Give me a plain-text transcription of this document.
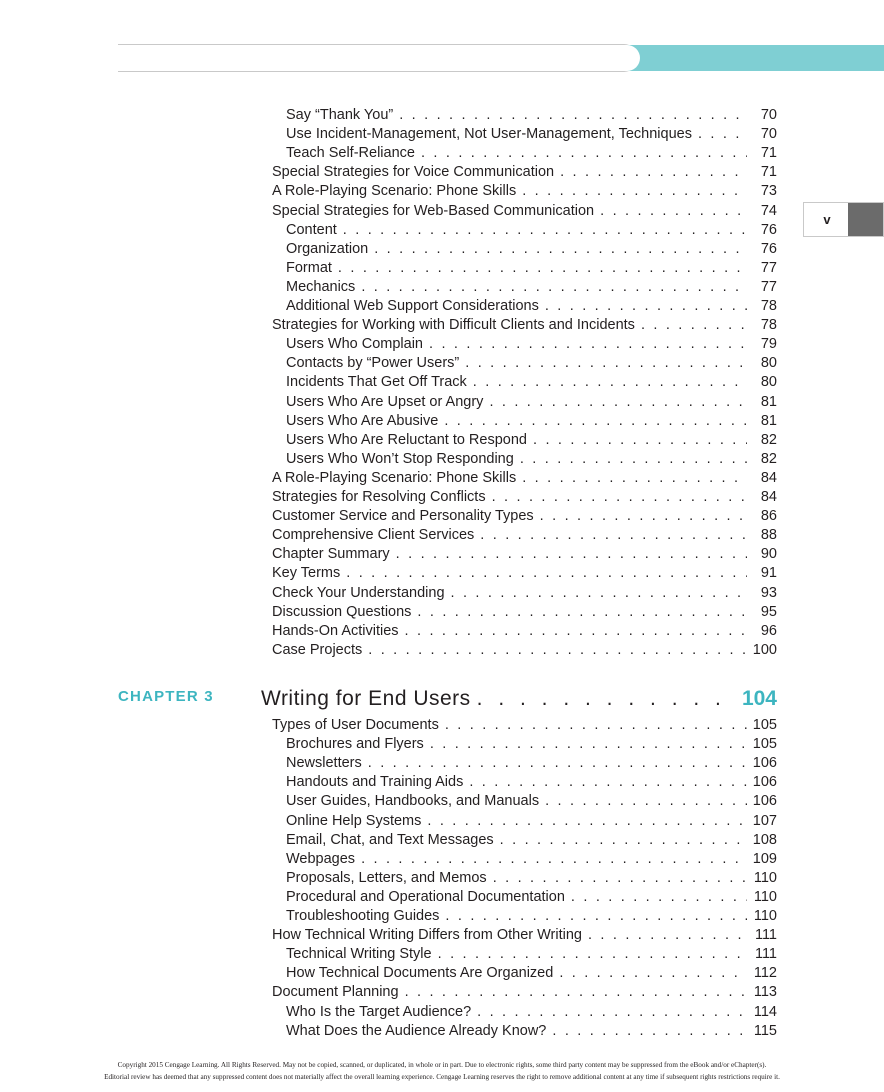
v
Say “Thank You” . . .	70
Use Incident-Management, Not User-Management, Techniques . . .	70
Teach Self-Reliance . . .	71
Special Strategies for Voice Communication . . .	71
A Role-Playing Scenario: Phone Skills . . .	73
Special Strategies for Web-Based Communication . . .	74
Content . . .	76
Organization . . .	76
Format . . .	77
Mechanics . . .	77
Additional Web Support Considerations . . .	78
Strategies for Working with Difficult Clients and Incidents . . .	78
Users Who Complain . . .	79
Contacts by “Power Users” . . .	80
Incidents That Get Off Track . . .	80
Users Who Are Upset or Angry . . .	81
Users Who Are Abusive . . .	81
Users Who Are Reluctant to Respond . . .	82
Users Who Won’t Stop Responding . . .	82
A Role-Playing Scenario: Phone Skills . . .	84
Strategies for Resolving Conflicts . . .	84
Customer Service and Personality Types . . .	86
Comprehensive Client Services . . .	88
Chapter Summary . . .	90
Key Terms . . .	91
Check Your Understanding . . .	93
Discussion Questions . . .	95
Hands-On Activities . . .	96
Case Projects . . .	100
CHAPTER 3 Writing for End Users . . .	104
Types of User Documents . . .	105
Brochures and Flyers . . .	105
Newsletters . . .	106
Handouts and Training Aids . . .	106
User Guides, Handbooks, and Manuals . . .	106
Online Help Systems . . .	107
Email, Chat, and Text Messages . . .	108
Webpages . . .	109
Proposals, Letters, and Memos . . .	110
Procedural and Operational Documentation . . .	110
Troubleshooting Guides . . .	110
How Technical Writing Differs from Other Writing . . .	111
Technical Writing Style . . .	111
How Technical Documents Are Organized . . .	112
Document Planning . . .	113
Who Is the Target Audience? . . .	114
What Does the Audience Already Know? . . .	115
Copyright 2015 Cengage Learning. All Rights Reserved. May not be copied, scanned, or duplicated, in whole or in part. Due to electronic rights, some third party content may be suppressed from the eBook and/or eChapter(s).
Editorial review has deemed that any suppressed content does not materially affect the overall learning experience. Cengage Learning reserves the right to remove additional content at any time if subsequent rights restrictions require it.
